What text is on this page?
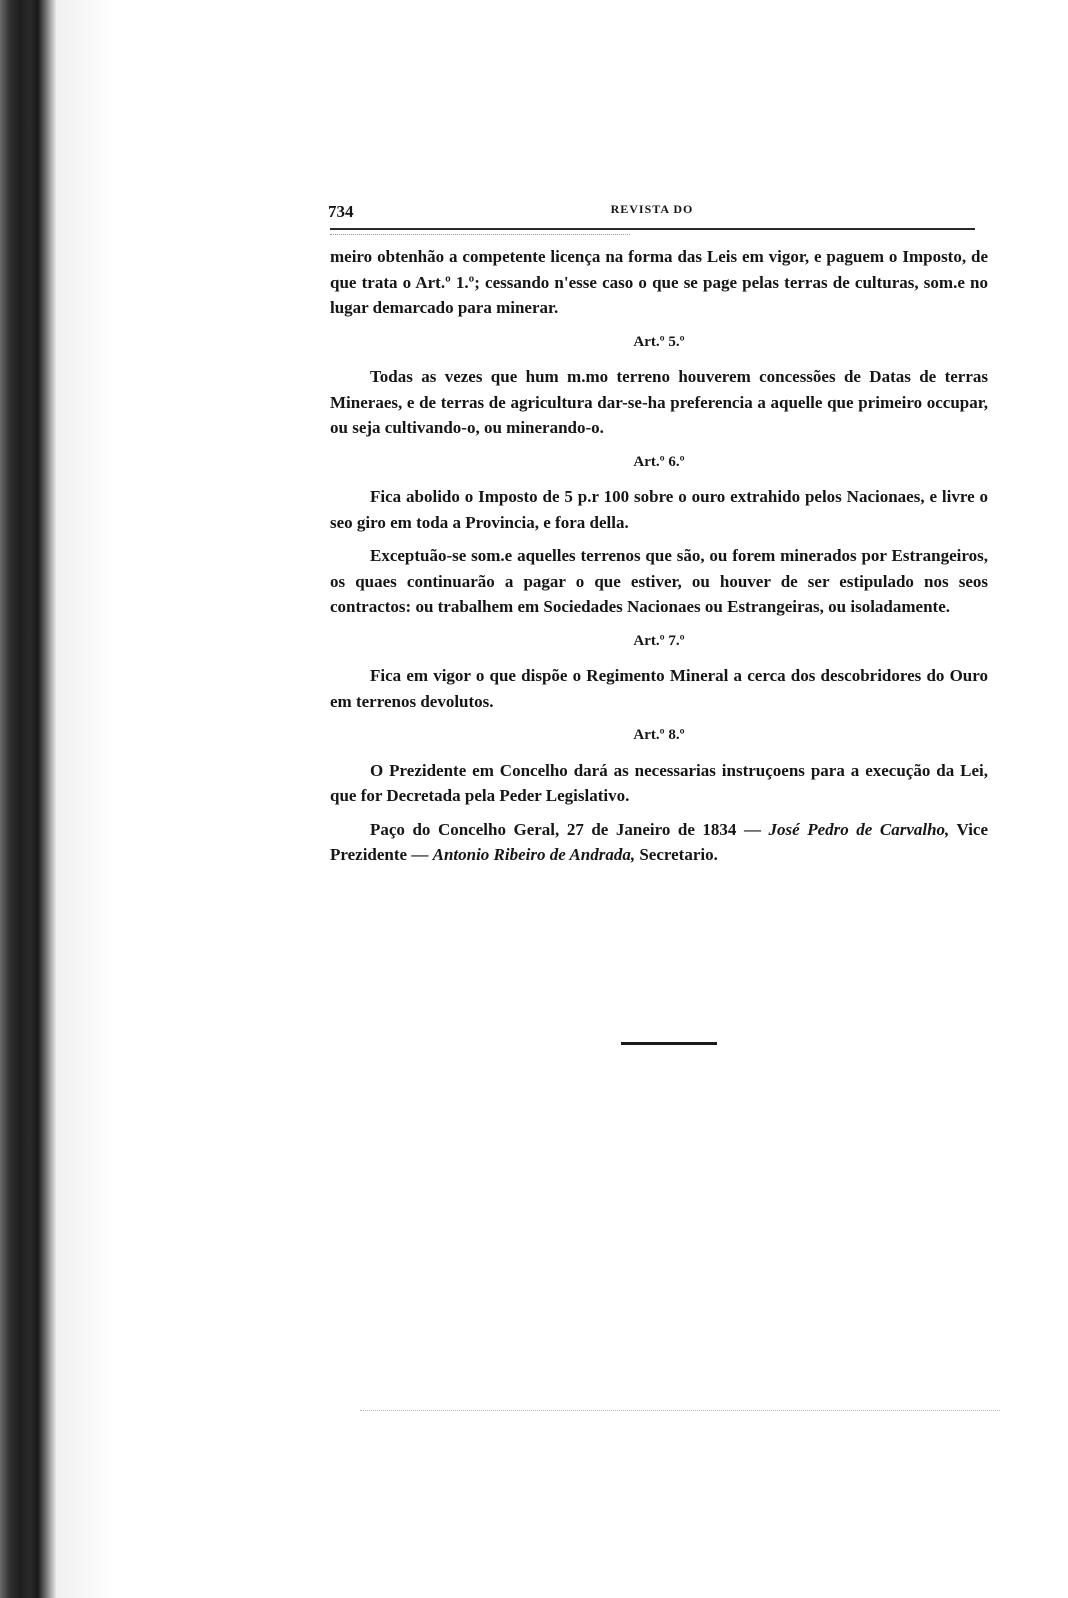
734	REVISTA DO

meiro obtenhão a competente licença na forma das Leis em vigor, e paguem o Imposto, de que trata o Art.º 1.º; cessando n'esse caso o que se page pelas terras de culturas, som.e no lugar demarcado para minerar.

Art.º 5.º

Todas as vezes que hum m.mo terreno houverem concessões de Datas de terras Mineraes, e de terras de agricultura dar-se-ha preferencia a aquelle que primeiro occupar, ou seja cultivando-o, ou minerando-o.

Art.º 6.º

Fica abolido o Imposto de 5 p.r 100 sobre o ouro extrahido pelos Nacionaes, e livre o seo giro em toda a Provincia, e fora della.

Exceptuão-se som.e aquelles terrenos que são, ou forem minerados por Estrangeiros, os quaes continuarão a pagar o que estiver, ou houver de ser estipulado nos seos contractos: ou trabalhem em Sociedades Nacionaes ou Estrangeiras, ou isoladamente.

Art.º 7.º

Fica em vigor o que dispõe o Regimento Mineral a cerca dos descobridores do Ouro em terrenos devolutos.

Art.º 8.º

O Prezidente em Concelho dará as necessarias instruçoens para a execução da Lei, que for Decretada pela Peder Legislativo.

Paço do Concelho Geral, 27 de Janeiro de 1834 — José Pedro de Carvalho, Vice Prezidente — Antonio Ribeiro de Andrada, Secretario.
